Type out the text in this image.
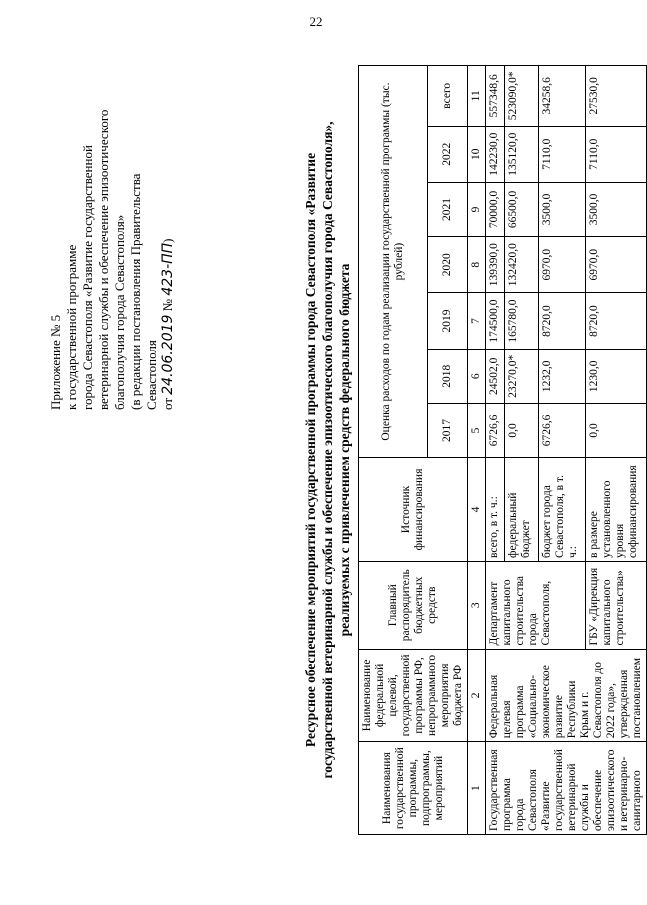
22
Приложение № 5 к государственной программе города Севастополя «Развитие государственной ветеринарной службы и обеспечение эпизоотического благополучия города Севастополя» (в редакции постановления Правительства Севастополя от 24.06.2019 № 423-ПП)	Ресурсное обеспечение мероприятий государственной программы города Севастополя «Развитие государственной ветеринарной службы и обеспечение эпизоотического благополучия города Севастополя», реализуемых с привлечением средств федерального бюджета
Наименования государственной программы, подпрограммы, мероприятий	Наименование федеральной целевой, государственной программы РФ, непрограммного мероприятия бюджета РФ	Главный распорядитель бюджетных средств	Источник финансирования	Оценка расходов по годам реализации государственной программы (тыс. рублей)						
				2017	2018	2019	2020	2021	2022	всего
1	2	3	4	5	6	7	8	9	10	11
Государственная программа города Севастополя «Развитие государственной ветеринарной службы и обеспечение эпизоотического и ветеринарно-санитарного	Федеральная целевая программа «Социально-экономическое развитие Республики Крым и г. Севастополя до 2022 года», утвержденная постановлением	Департамент капитального строительства города Севастополя,	всего, в т. ч.:	6726,6	24502,0	174500,0	139390,0	70000,0	142230,0	557348,6
			федеральный бюджет	0,0	23270,0*	165780,0	132420,0	66500,0	135120,0	523090,0*
			бюджет города Севастополя, в т. ч.:	6726,6	1232,0	8720,0	6970,0	3500,0	7110,0	34258,6
		ГБУ «Дирекция капитального строительства»	в размере установленного уровня софинансирования	0,0	1230,0	8720,0	6970,0	3500,0	7110,0	27530,0
